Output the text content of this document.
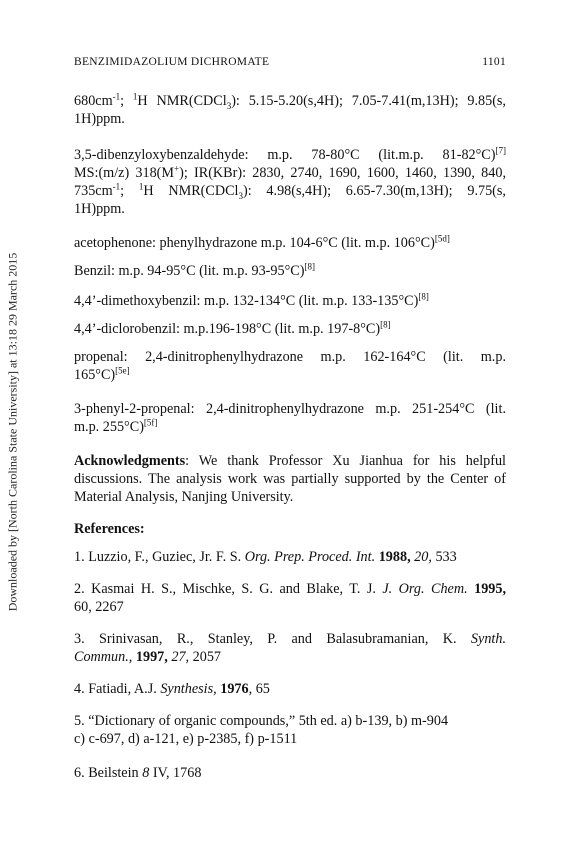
Downloaded by [North Carolina State University] at 13:18 29 March 2015
BENZIMIDAZOLIUM DICHROMATE	1101
$680cm^{-1}$; $^1$H NMR(CDCl$_3$): 5.15-5.20(s,4H); 7.05-7.41(m,13H); 9.85(s,
1H)ppm.
3,5-dibenzyloxybenzaldehyde: m.p. 78-80°C (lit.m.p. 81-82°C)[7]
MS:(m/z) 318(M+); IR(KBr): 2830, 2740, 1690, 1600, 1460, 1390, 840,
$735cm^{-1}$; $^1$H NMR(CDCl$_3$): 4.98(s,4H); 6.65-7.30(m,13H); 9.75(s,
1H)ppm.
acetophenone: phenylhydrazone m.p. 104-6°C (lit. m.p. 106°C)[5d]
Benzil: m.p. 94-95°C (lit. m.p. 93-95°C)[8]
4,4’-dimethoxybenzil: m.p. 132-134°C (lit. m.p. 133-135°C)[8]
4,4’-diclorobenzil: m.p.196-198°C (lit. m.p. 197-8°C)[8]
propenal: 2,4-dinitrophenylhydrazone m.p. 162-164°C (lit. m.p.
165°C)[5e]
3-phenyl-2-propenal: 2,4-dinitrophenylhydrazone m.p. 251-254°C (lit.
m.p. 255°C)[5f]
Acknowledgments: We thank Professor Xu Jianhua for his helpful
discussions. The analysis work was partially supported by the Center of
Material Analysis, Nanjing University.
References:
1. Luzzio, F., Guziec, Jr. F. S. Org. Prep. Proced. Int. 1988, 20, 533
2. Kasmai H. S., Mischke, S. G. and Blake, T. J. J. Org. Chem. 1995,
60, 2267
3. Srinivasan, R., Stanley, P. and Balasubramanian, K. Synth.
Commun., 1997, 27, 2057
4. Fatiadi, A.J. Synthesis, 1976, 65
5. “Dictionary of organic compounds,” 5th ed. a) b-139, b) m-904
c) c-697, d) a-121, e) p-2385, f) p-1511
6. Beilstein 8 IV, 1768
